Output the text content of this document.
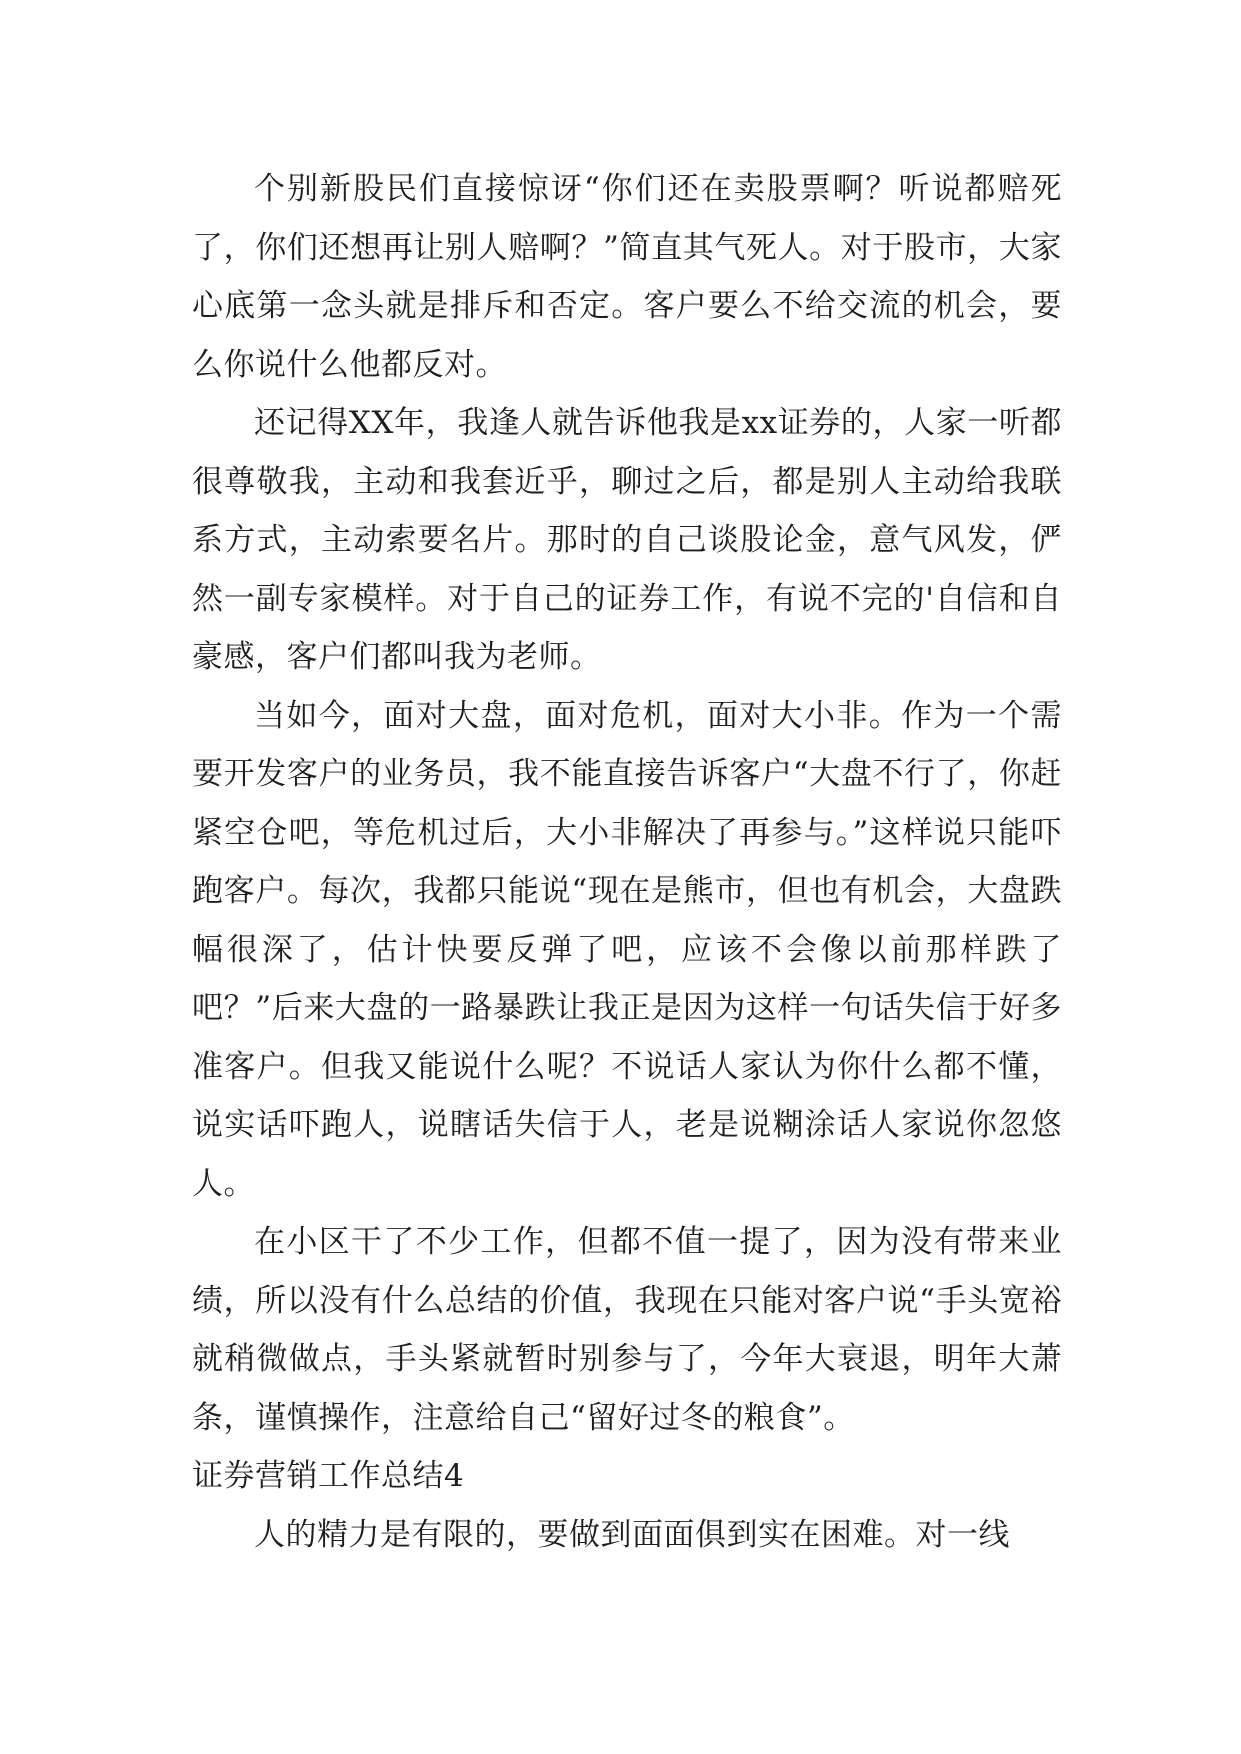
个别新股民们直接惊讶“你们还在卖股票啊？听说都赔死了，你们还想再让别人赔啊？”简直其气死人。对于股市，大家心底第一念头就是排斥和否定。客户要么不给交流的机会，要么你说什么他都反对。

还记得XX年，我逢人就告诉他我是xx证券的，人家一听都很尊敬我，主动和我套近乎，聊过之后，都是别人主动给我联系方式，主动索要名片。那时的自己谈股论金，意气风发，俨然一副专家模样。对于自己的证券工作，有说不完的'自信和自豪感，客户们都叫我为老师。

当如今，面对大盘，面对危机，面对大小非。作为一个需要开发客户的业务员，我不能直接告诉客户“大盘不行了，你赶紧空仓吧，等危机过后，大小非解决了再参与。”这样说只能吓跑客户。每次，我都只能说“现在是熊市，但也有机会，大盘跌幅很深了，估计快要反弹了吧，应该不会像以前那样跌了吧？”后来大盘的一路暴跌让我正是因为这样一句话失信于好多准客户。但我又能说什么呢？不说话人家认为你什么都不懂，说实话吓跑人，说瞎话失信于人，老是说糊涂话人家说你忽悠人。

在小区干了不少工作，但都不值一提了，因为没有带来业绩，所以没有什么总结的价值，我现在只能对客户说“手头宽裕就稍微做点，手头紧就暂时别参与了，今年大衰退，明年大萧条，谨慎操作，注意给自己“留好过冬的粮食”。

证券营销工作总结4

人的精力是有限的，要做到面面俱到实在困难。对一线
